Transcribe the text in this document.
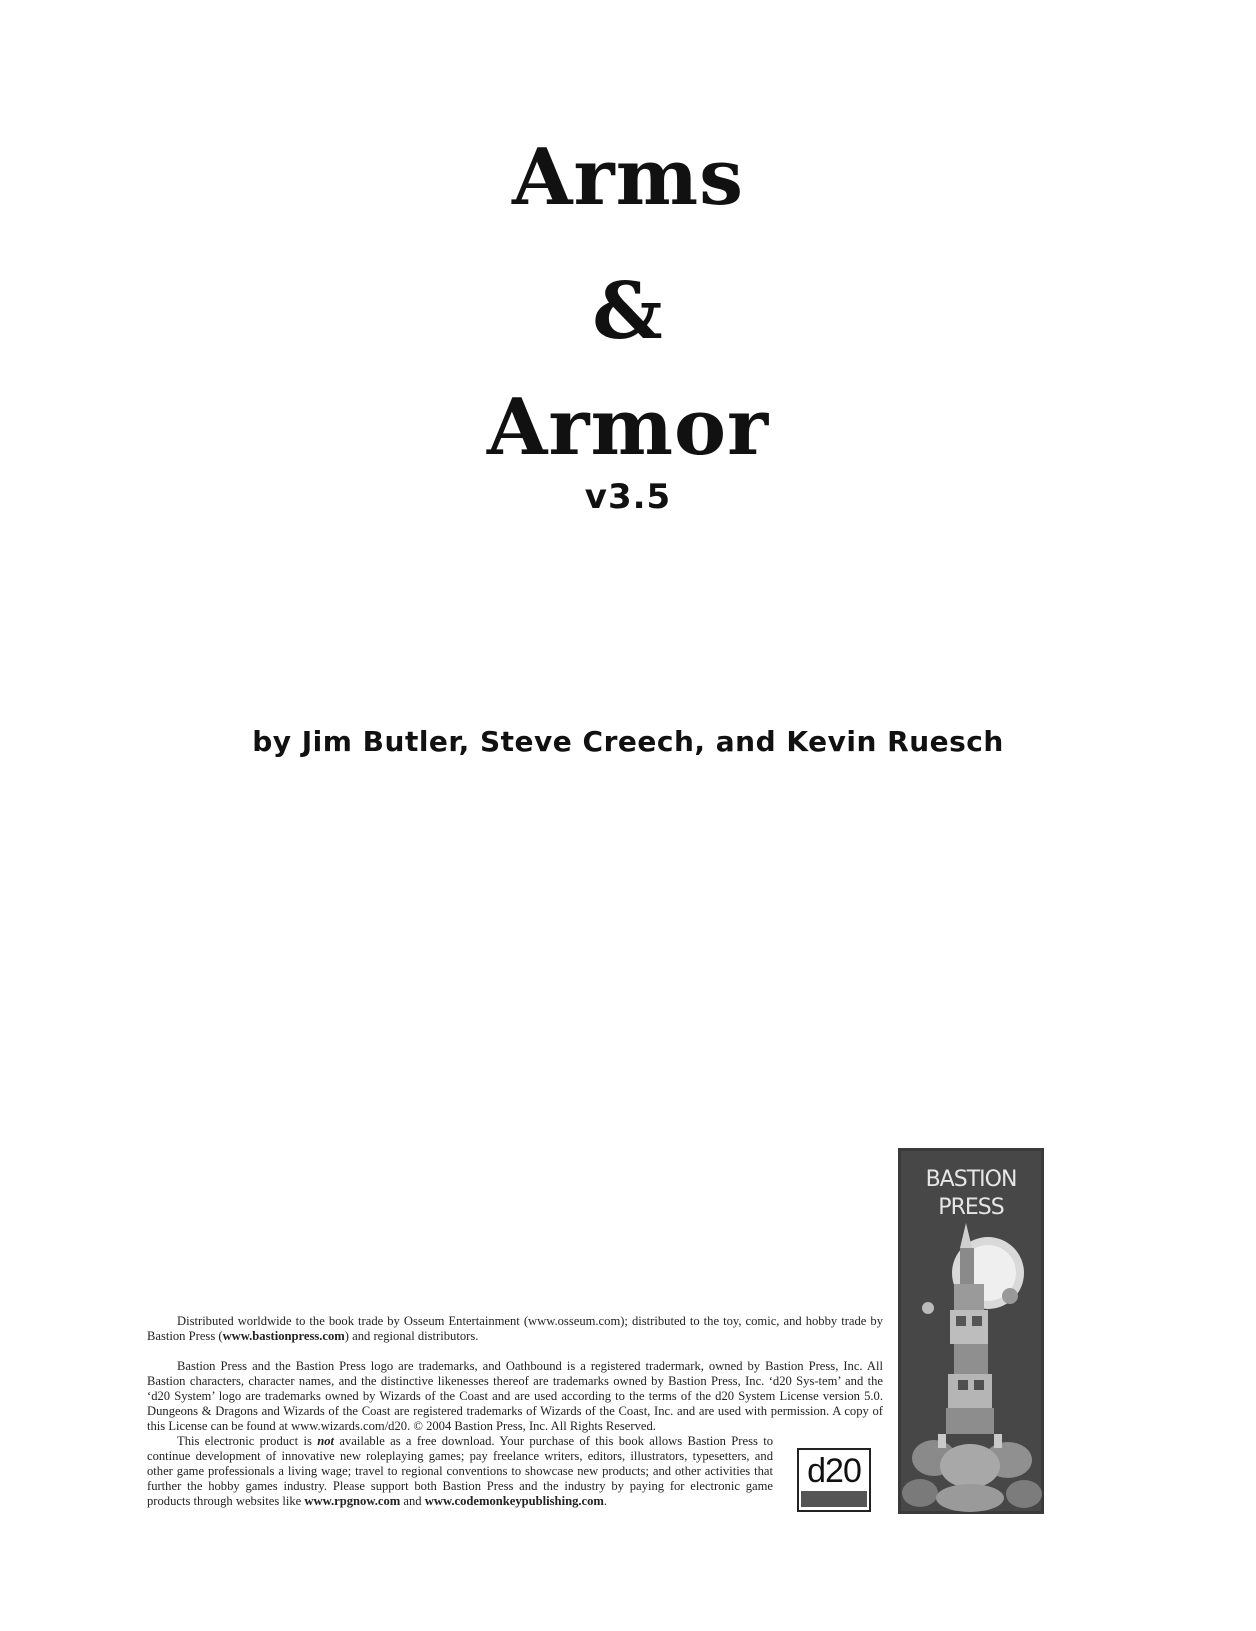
Arms
&
Armor
v3.5
by Jim Butler, Steve Creech, and Kevin Ruesch

Distributed worldwide to the book trade by Osseum Entertainment (www.osseum.com); distributed to the toy, comic, and hobby trade by Bastion Press (www.bastionpress.com) and regional distributors.

Bastion Press and the Bastion Press logo are trademarks, and Oathbound is a registered tradermark, owned by Bastion Press, Inc. All Bastion characters, character names, and the distinctive likenesses thereof are trademarks owned by Bastion Press, Inc. ‘d20 Sys-tem’ and the ‘d20 System’ logo are trademarks owned by Wizards of the Coast and are used according to the terms of the d20 System License version 5.0. Dungeons & Dragons and Wizards of the Coast are registered trademarks of Wizards of the Coast, Inc. and are used with permission. A copy of this License can be found at www.wizards.com/d20. © 2004 Bastion Press, Inc. All Rights Reserved.

This electronic product is not available as a free download. Your purchase of this book allows Bastion Press to continue development of innovative new roleplaying games; pay freelance writers, editors, illustrators, typesetters, and other game professionals a living wage; travel to regional conventions to showcase new products; and other activities that further the hobby games industry. Please support both Bastion Press and the industry by paying for electronic game products through websites like www.rpgnow.com and www.codemonkeypublishing.com.

d20
BASTION
PRESS
